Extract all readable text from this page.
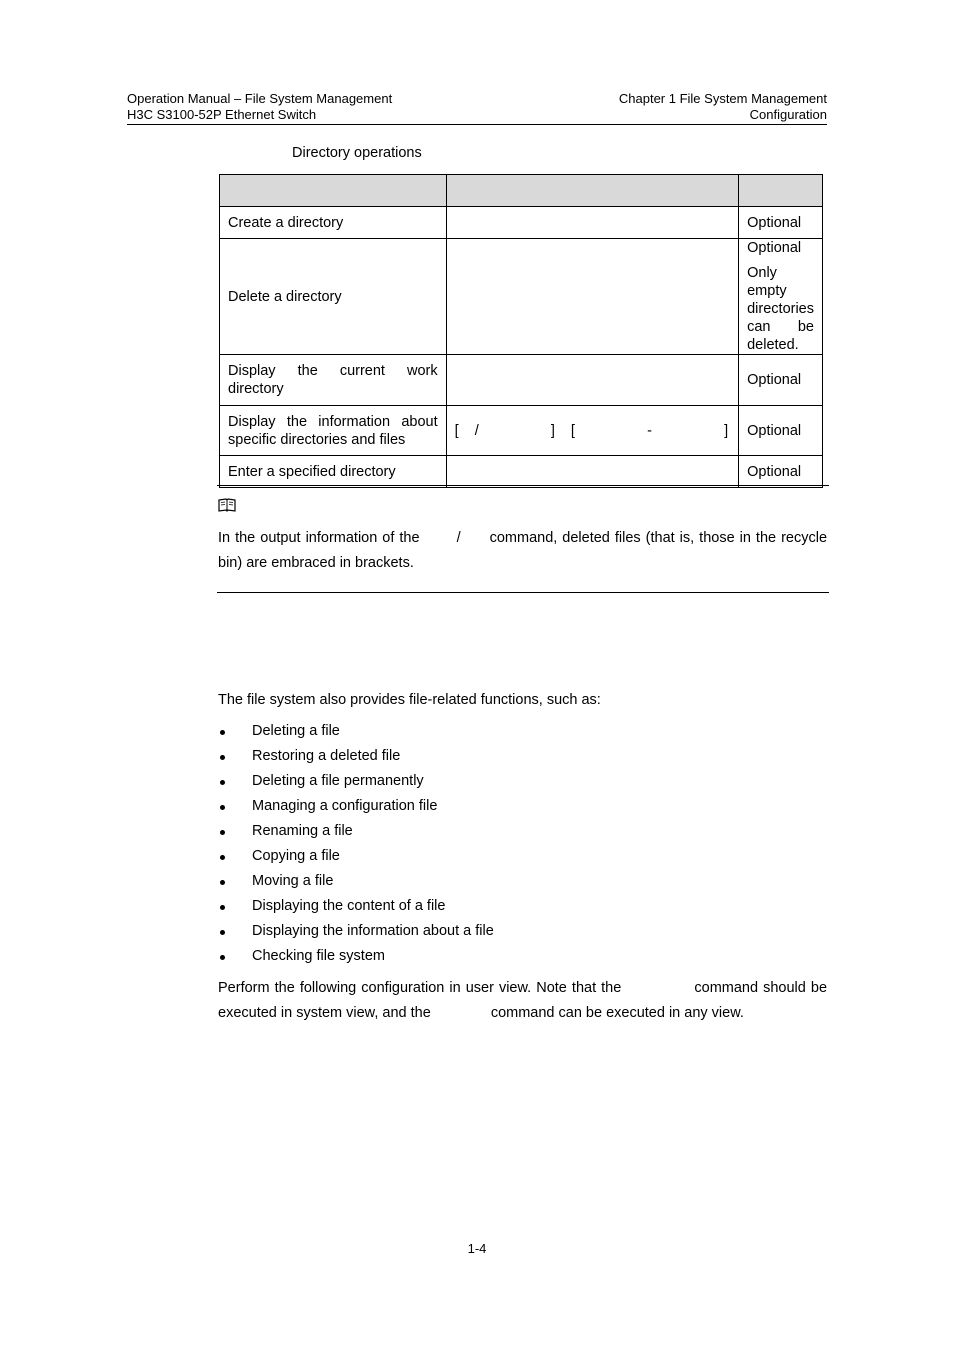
Operation Manual – File System Management
H3C S3100-52P Ethernet Switch
Chapter 1 File System Management
Configuration
Directory operations

Create a directory		Optional
Delete a directory		Optional
Only empty directories can be deleted.

Display the current work directory		Optional
Display the information about specific directories and files	[ /     ] [     -     ]	Optional
Enter a specified directory		Optional
In the output information of the	/ command, deleted files (that is, those in the recycle bin) are embraced in brackets.
The file system also provides file-related functions, such as:
Deleting a file
Restoring a deleted file
Deleting a file permanently
Managing a configuration file
Renaming a file
Copying a file
Moving a file
Displaying the content of a file
Displaying the information about a file
Checking file system
Perform the following configuration in user view. Note that the	command should be executed in system view, and the	command can be executed in any view.
1-4
